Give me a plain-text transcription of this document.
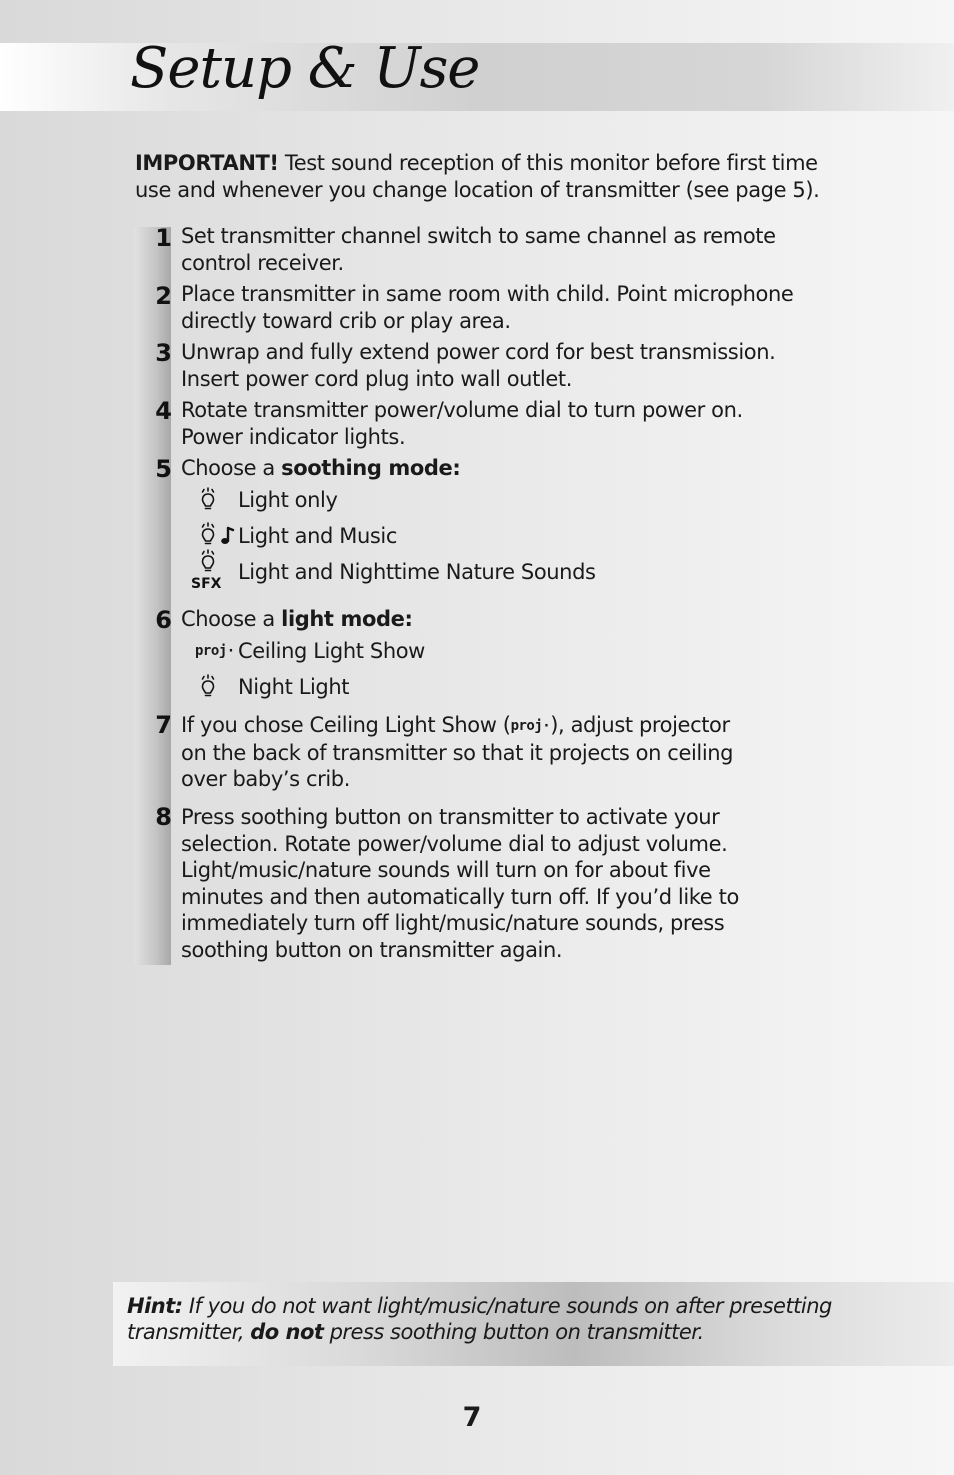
Setup & Use
IMPORTANT! Test sound reception of this monitor before first time use and whenever you change location of transmitter (see page 5).
1 Set transmitter channel switch to same channel as remote
control receiver.
2 Place transmitter in same room with child. Point microphone
directly toward crib or play area.
3 Unwrap and fully extend power cord for best transmission.
Insert power cord plug into wall outlet.
4 Rotate transmitter power/volume dial to turn power on.
Power indicator lights.
5 Choose a soothing mode:
Light only
Light and Music
SFX Light and Nighttime Nature Sounds
6 Choose a light mode:
proj· Ceiling Light Show
Night Light
7 If you chose Ceiling Light Show (proj·), adjust projector
on the back of transmitter so that it projects on ceiling
over baby’s crib.
8 Press soothing button on transmitter to activate your
selection. Rotate power/volume dial to adjust volume.
Light/music/nature sounds will turn on for about five
minutes and then automatically turn off. If you’d like to
immediately turn off light/music/nature sounds, press
soothing button on transmitter again.
Hint: If you do not want light/music/nature sounds on after presetting transmitter, do not press soothing button on transmitter.
7
